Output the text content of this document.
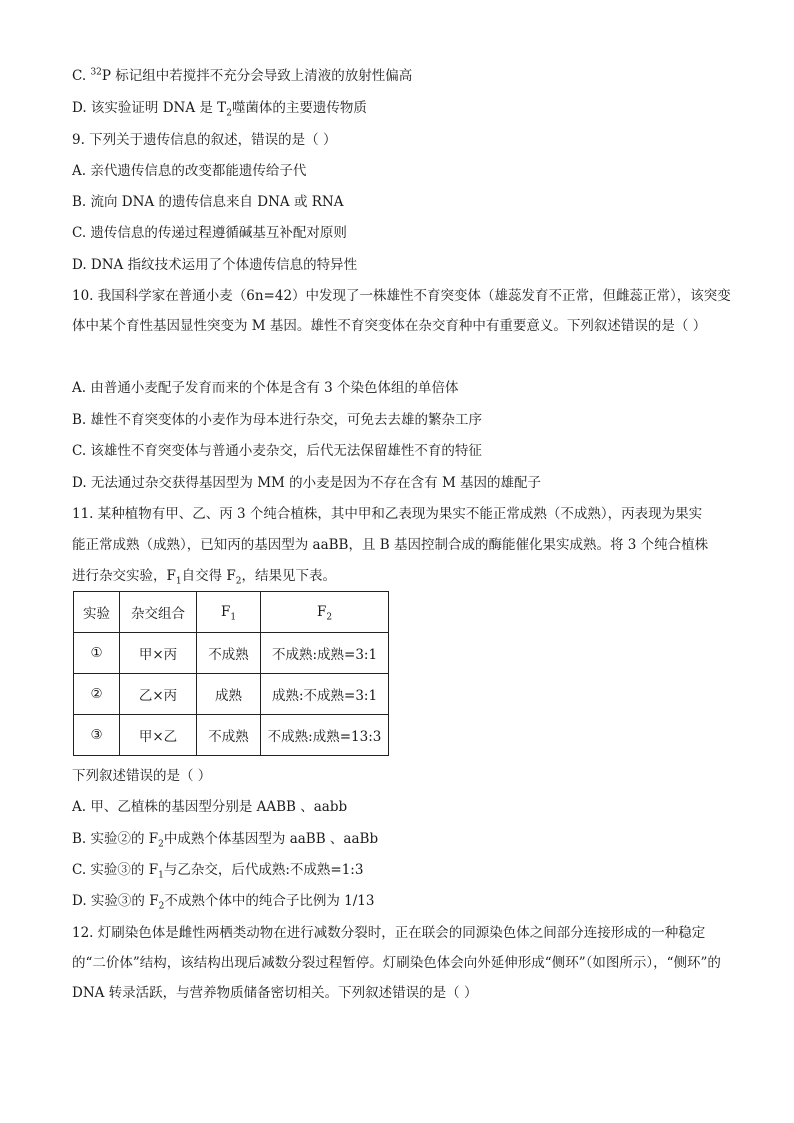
C. $^{32}$P 标记组中若搅拌不充分会导致上清液的放射性偏高
D. 该实验证明 DNA 是 $T_2$噬菌体的主要遗传物质
9. 下列关于遗传信息的叙述，错误的是（ ）
A. 亲代遗传信息的改变都能遗传给子代
B. 流向 DNA 的遗传信息来自 DNA 或 RNA
C. 遗传信息的传递过程遵循碱基互补配对原则
D. DNA 指纹技术运用了个体遗传信息的特异性
10. 我国科学家在普通小麦（6n=42）中发现了一株雄性不育突变体（雄蕊发育不正常，但雌蕊正常），该突变体中某个育性基因显性突变为 M 基因。雄性不育突变体在杂交育种中有重要意义。下列叙述错误的是（ ）
A. 由普通小麦配子发育而来的个体是含有 3 个染色体组的单倍体
B. 雄性不育突变体的小麦作为母本进行杂交，可免去去雄的繁杂工序
C. 该雄性不育突变体与普通小麦杂交，后代无法保留雄性不育的特征
D. 无法通过杂交获得基因型为 MM 的小麦是因为不存在含有 M 基因的雄配子
11. 某种植物有甲、乙、丙 3 个纯合植株，其中甲和乙表现为果实不能正常成熟（不成熟），丙表现为果实
能正常成熟（成熟），已知丙的基因型为 aaBB，且 B 基因控制合成的酶能催化果实成熟。将 3 个纯合植株
进行杂交实验，$F_1$自交得 $F_2$，结果见下表。
实验	杂交组合	$F_1$	$F_2$
①	甲×丙	不成熟	不成熟:成熟=3:1
②	乙×丙	成熟	成熟:不成熟=3:1
③	甲×乙	不成熟	不成熟:成熟=13:3
下列叙述错误的是（ ）
A. 甲、乙植株的基因型分别是 AABB 、aabb
B. 实验②的 $F_2$中成熟个体基因型为 aaBB 、aaBb
C. 实验③的 $F_1$与乙杂交，后代成熟:不成熟=1:3
D. 实验③的 $F_2$不成熟个体中的纯合子比例为 1/13
12. 灯刷染色体是雌性两栖类动物在进行减数分裂时，正在联会的同源染色体之间部分连接形成的一种稳定的“二价体”结构，该结构出现后减数分裂过程暂停。灯刷染色体会向外延伸形成“侧环”（如图所示），“侧环”的 DNA 转录活跃，与营养物质储备密切相关。下列叙述错误的是（ ）
